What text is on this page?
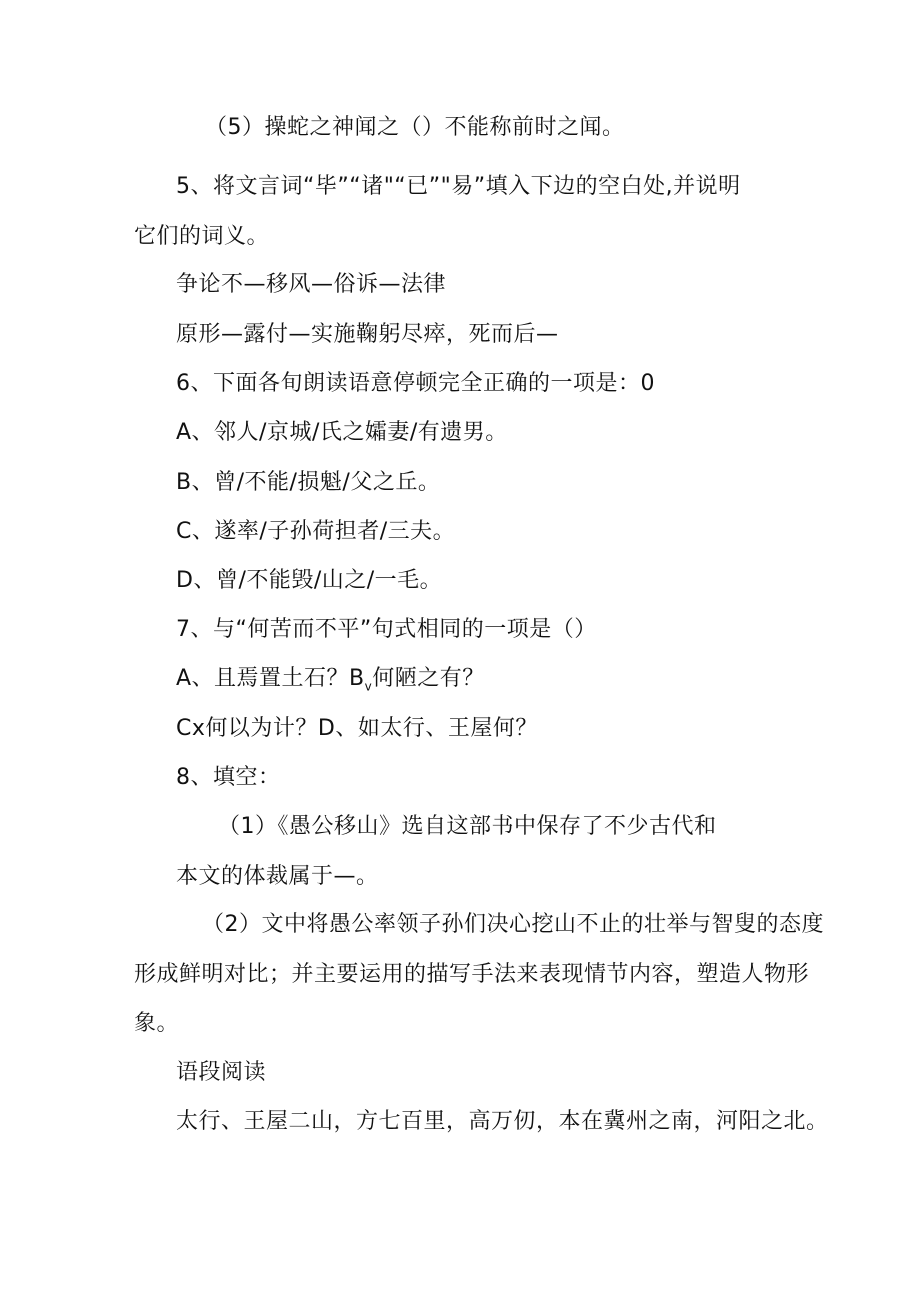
（5）操蛇之神闻之（）不能称前时之闻。
5、将文言词“毕”“诸"“已”"易”填入下边的空白处,并说明
它们的词义。
争论不—移风—俗诉—法律
原形—露付—实施鞠躬尽瘁，死而后—
6、下面各旬朗读语意停顿完全正确的一项是：0
A、邻人/京城/氏之孀妻/有遗男。
B、曾/不能/损魁/父之丘。
C、遂率/子孙荷担者/三夫。
D、曾/不能毁/山之/一毛。
7、与“何苦而不平”句式相同的一项是（）
A、且焉置土石？$B_v$何陋之有？
Cx何以为计？D、如太行、王屋何？
8、填空：
（1）《愚公移山》选自这部书中保存了不少古代和
本文的体裁属于—。
（2）文中将愚公率领子孙们决心挖山不止的壮举与智叟的态度
形成鲜明对比；并主要运用的描写手法来表现情节内容，塑造人物形
象。
语段阅读
太行、王屋二山，方七百里，高万仞，本在冀州之南，河阳之北。
